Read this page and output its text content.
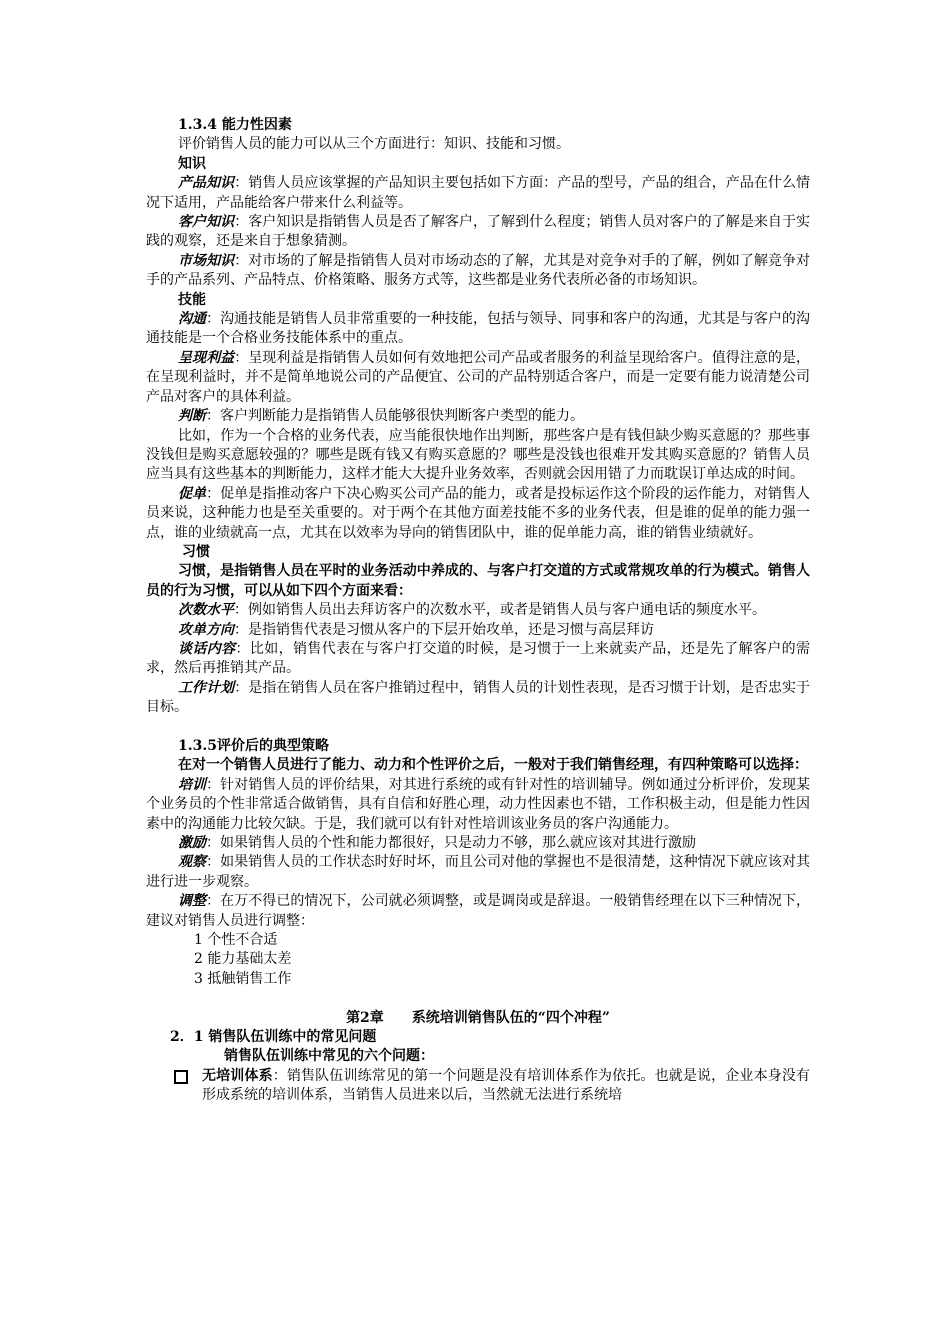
1.3.4 能力性因素

评价销售人员的能力可以从三个方面进行：知识、技能和习惯。

知识

产品知识：销售人员应该掌握的产品知识主要包括如下方面：产品的型号，产品的组合，产品在什么情况下适用，产品能给客户带来什么利益等。

客户知识：客户知识是指销售人员是否了解客户，了解到什么程度；销售人员对客户的了解是来自于实践的观察，还是来自于想象猜测。

市场知识：对市场的了解是指销售人员对市场动态的了解，尤其是对竞争对手的了解，例如了解竞争对手的产品系列、产品特点、价格策略、服务方式等，这些都是业务代表所必备的市场知识。

技能

沟通：沟通技能是销售人员非常重要的一种技能，包括与领导、同事和客户的沟通，尤其是与客户的沟通技能是一个合格业务技能体系中的重点。

呈现利益：呈现利益是指销售人员如何有效地把公司产品或者服务的利益呈现给客户。值得注意的是，在呈现利益时，并不是简单地说公司的产品便宜、公司的产品特别适合客户，而是一定要有能力说清楚公司产品对客户的具体利益。

判断：客户判断能力是指销售人员能够很快判断客户类型的能力。

比如，作为一个合格的业务代表，应当能很快地作出判断，那些客户是有钱但缺少购买意愿的？那些事没钱但是购买意愿较强的？哪些是既有钱又有购买意愿的？哪些是没钱也很难开发其购买意愿的？销售人员应当具有这些基本的判断能力，这样才能大大提升业务效率，否则就会因用错了力而耽误订单达成的时间。

促单：促单是指推动客户下决心购买公司产品的能力，或者是投标运作这个阶段的运作能力，对销售人员来说，这种能力也是至关重要的。对于两个在其他方面差技能不多的业务代表，但是谁的促单的能力强一点，谁的业绩就高一点，尤其在以效率为导向的销售团队中，谁的促单能力高，谁的销售业绩就好。

习惯

习惯，是指销售人员在平时的业务活动中养成的、与客户打交道的方式或常规攻单的行为模式。销售人员的行为习惯，可以从如下四个方面来看：

次数水平：例如销售人员出去拜访客户的次数水平，或者是销售人员与客户通电话的频度水平。

攻单方向：是指销售代表是习惯从客户的下层开始攻单，还是习惯与高层拜访

谈话内容：比如，销售代表在与客户打交道的时候，是习惯于一上来就卖产品，还是先了解客户的需求，然后再推销其产品。

工作计划：是指在销售人员在客户推销过程中，销售人员的计划性表现，是否习惯于计划，是否忠实于目标。

1.3.5评价后的典型策略

在对一个销售人员进行了能力、动力和个性评价之后，一般对于我们销售经理，有四种策略可以选择：

培训：针对销售人员的评价结果，对其进行系统的或有针对性的培训辅导。例如通过分析评价，发现某个业务员的个性非常适合做销售，具有自信和好胜心理，动力性因素也不错，工作积极主动，但是能力性因素中的沟通能力比较欠缺。于是，我们就可以有针对性培训该业务员的客户沟通能力。

激励：如果销售人员的个性和能力都很好，只是动力不够，那么就应该对其进行激励

观察：如果销售人员的工作状态时好时坏，而且公司对他的掌握也不是很清楚，这种情况下就应该对其进行进一步观察。

调整：在万不得已的情况下，公司就必须调整，或是调岗或是辞退。一般销售经理在以下三种情况下，建议对销售人员进行调整：

1 个性不合适

2 能力基础太差

3 抵触销售工作

第2章 系统培训销售队伍的“四个冲程”

2．1 销售队伍训练中的常见问题

销售队伍训练中常见的六个问题：

无培训体系：销售队伍训练常见的第一个问题是没有培训体系作为依托。也就是说，企业本身没有形成系统的培训体系，当销售人员进来以后，当然就无法进行系统培
